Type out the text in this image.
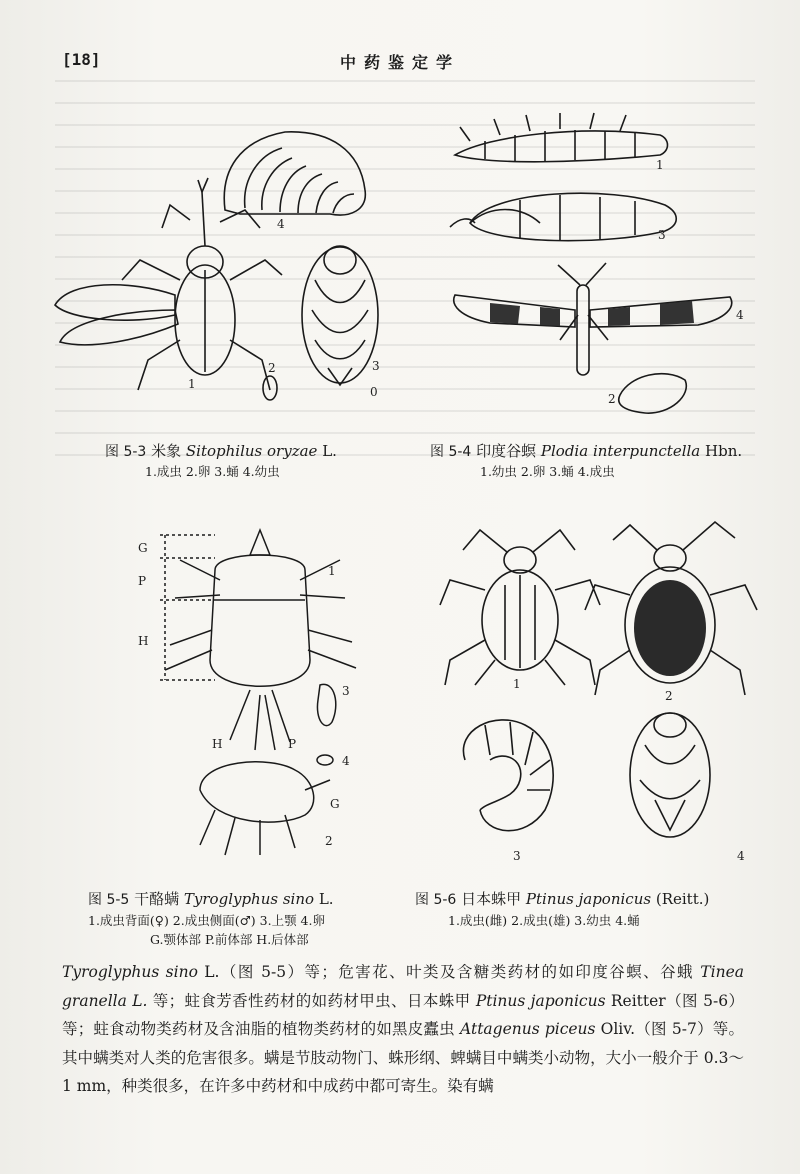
[18]	中药鉴定学
4
1
2	3
0
图 5-3 米象 Sitophilus oryzae L.
1.成虫 2.卵 3.蛹 4.幼虫
1
3
4
2
图 5-4 印度谷螟 Plodia interpunctella Hbn.
1.幼虫 2.卵 3.蛹 4.成虫
G
P
H
1
3
4
2
G
P
H
图 5-5 干酪螨 Tyroglyphus sino L.
1.成虫背面(♀) 2.成虫侧面(♂) 3.上颚 4.卵
G.颚体部 P.前体部 H.后体部
1
2
3	4
图 5-6 日本蛛甲 Ptinus japonicus (Reitt.)
1.成虫(雌) 2.成虫(雄) 3.幼虫 4.蛹

Tyroglyphus sino L.（图 5-5）等；危害花、叶类及含糖类药材的如印度谷螟、谷蛾 Tinea granella L. 等；蛀食芳香性药材的如药材甲虫、日本蛛甲 Ptinus japonicus Reitter（图 5-6）等；蛀食动物类药材及含油脂的植物类药材的如黑皮蠹虫 Attagenus piceus Oliv.（图 5-7）等。其中螨类对人类的危害很多。螨是节肢动物门、蛛形纲、蜱螨目中螨类小动物，大小一般介于 0.3～1 mm，种类很多，在许多中药材和中成药中都可寄生。染有螨
